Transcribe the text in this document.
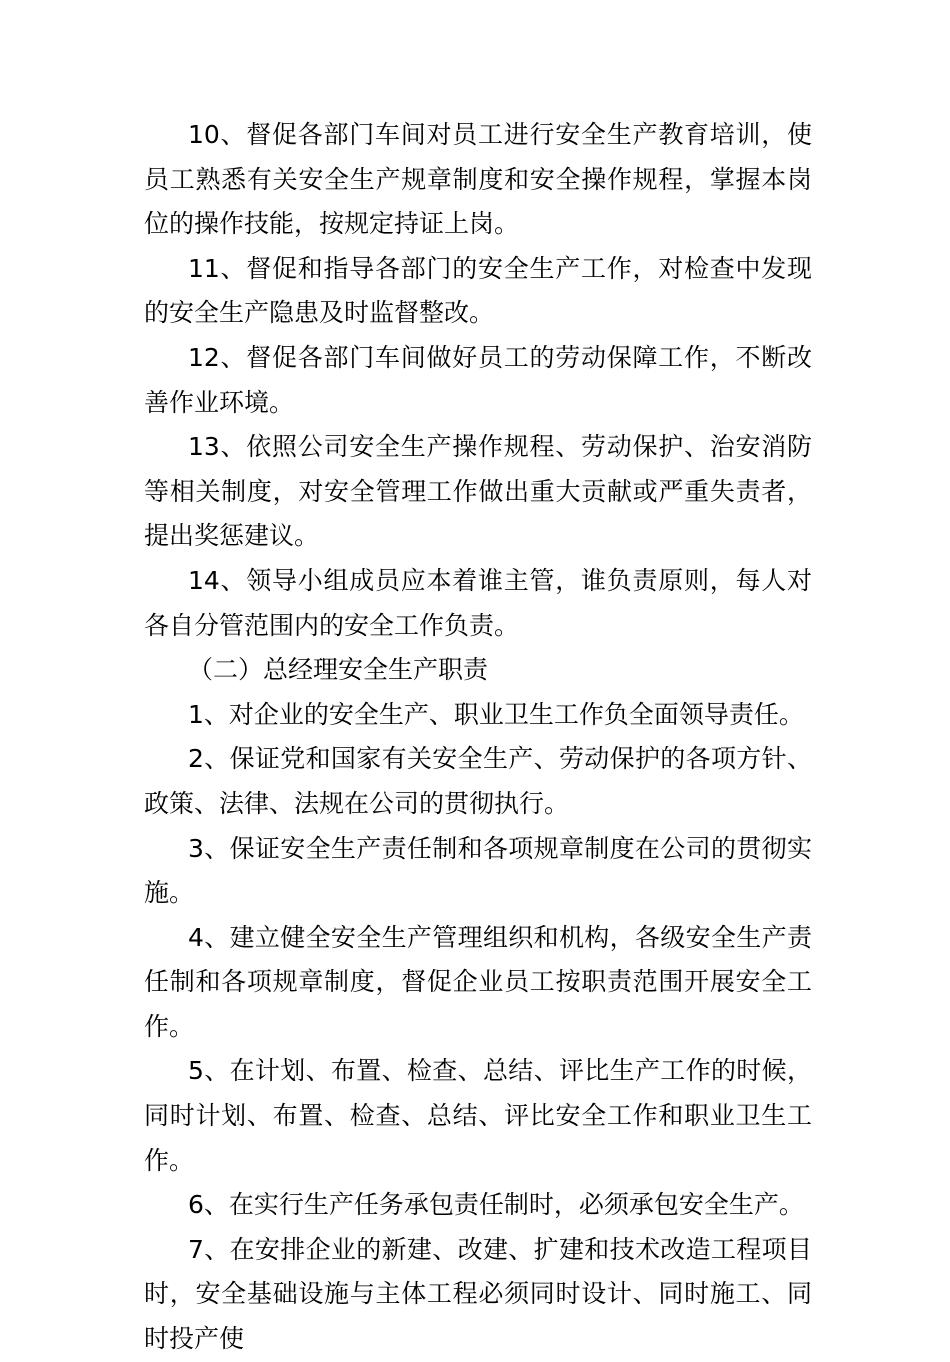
10、督促各部门车间对员工进行安全生产教育培训，使员工熟悉有关安全生产规章制度和安全操作规程，掌握本岗位的操作技能，按规定持证上岗。

11、督促和指导各部门的安全生产工作，对检查中发现的安全生产隐患及时监督整改。

12、督促各部门车间做好员工的劳动保障工作，不断改善作业环境。

13、依照公司安全生产操作规程、劳动保护、治安消防等相关制度，对安全管理工作做出重大贡献或严重失责者，提出奖惩建议。

14、领导小组成员应本着谁主管，谁负责原则，每人对各自分管范围内的安全工作负责。

（二）总经理安全生产职责

1、对企业的安全生产、职业卫生工作负全面领导责任。

2、保证党和国家有关安全生产、劳动保护的各项方针、政策、法律、法规在公司的贯彻执行。

3、保证安全生产责任制和各项规章制度在公司的贯彻实施。

4、建立健全安全生产管理组织和机构，各级安全生产责任制和各项规章制度，督促企业员工按职责范围开展安全工作。

5、在计划、布置、检查、总结、评比生产工作的时候，同时计划、布置、检查、总结、评比安全工作和职业卫生工作。

6、在实行生产任务承包责任制时，必须承包安全生产。

7、在安排企业的新建、改建、扩建和技术改造工程项目时，安全基础设施与主体工程必须同时设计、同时施工、同时投产使
